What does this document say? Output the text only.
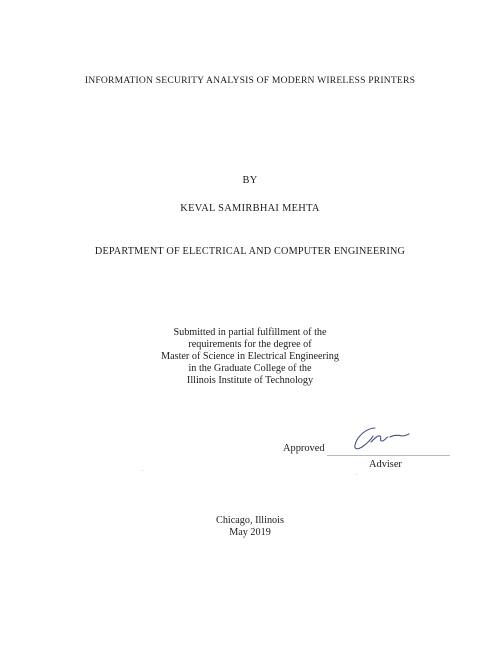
INFORMATION SECURITY ANALYSIS OF MODERN WIRELESS PRINTERS
BY
KEVAL SAMIRBHAI MEHTA
DEPARTMENT OF ELECTRICAL AND COMPUTER ENGINEERING
Submitted in partial fulfillment of the
requirements for the degree of
Master of Science in Electrical Engineering
in the Graduate College of the
Illinois Institute of Technology
Approved
Adviser
Chicago, Illinois
May 2019
